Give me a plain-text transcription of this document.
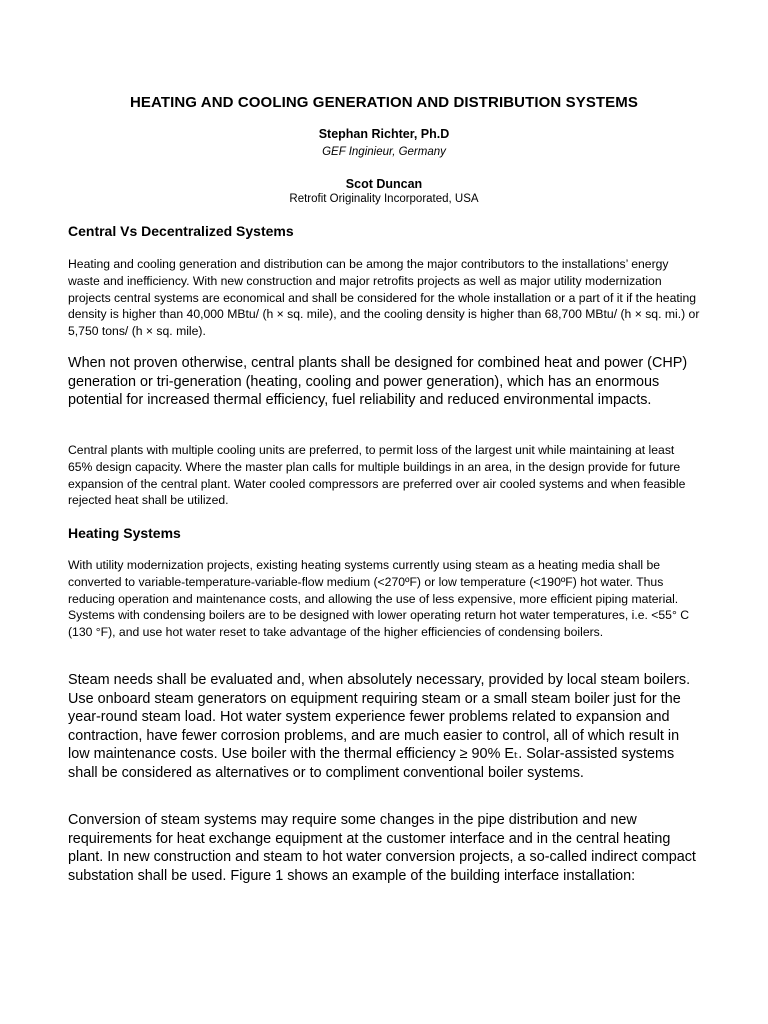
HEATING AND COOLING GENERATION AND DISTRIBUTION SYSTEMS

Stephan Richter, Ph.D

GEF Inginieur, Germany

Scot Duncan

Retrofit Originality Incorporated, USA

Central Vs Decentralized Systems

Heating and cooling generation and distribution can be among the major contributors to the installations’ energy waste and inefficiency. With new construction and major retrofits projects as well as major utility modernization projects central systems are economical and shall be considered for the whole installation or a part of it if the heating density is higher than 40,000 MBtu/ (h × sq. mile), and the cooling density is higher than 68,700 MBtu/ (h × sq. mi.) or 5,750 tons/ (h × sq. mile).

When not proven otherwise, central plants shall be designed for combined heat and power (CHP) generation or tri-generation (heating, cooling and power generation), which has an enormous potential for increased thermal efficiency, fuel reliability and reduced environmental impacts.

Central plants with multiple cooling units are preferred, to permit loss of the largest unit while maintaining at least 65% design capacity. Where the master plan calls for multiple buildings in an area, in the design provide for future expansion of the central plant. Water cooled compressors are preferred over air cooled systems and when feasible rejected heat shall be utilized.

Heating Systems

With utility modernization projects, existing heating systems currently using steam as a heating media shall be converted to variable-temperature-variable-flow medium (<270ºF) or low temperature (<190ºF) hot water. Thus reducing operation and maintenance costs, and allowing the use of less expensive, more efficient piping material. Systems with condensing boilers are to be designed with lower operating return hot water temperatures, i.e. <55° C (130 °F), and use hot water reset to take advantage of the higher efficiencies of condensing boilers.

Steam needs shall be evaluated and, when absolutely necessary, provided by local steam boilers. Use onboard steam generators on equipment requiring steam or a small steam boiler just for the year-round steam load. Hot water system experience fewer problems related to expansion and contraction, have fewer corrosion problems, and are much easier to control, all of which result in low maintenance costs. Use boiler with the thermal efficiency ≥ 90% Eₜ. Solar-assisted systems shall be considered as alternatives or to compliment conventional boiler systems.

Conversion of steam systems may require some changes in the pipe distribution and new requirements for heat exchange equipment at the customer interface and in the central heating plant. In new construction and steam to hot water conversion projects, a so-called indirect compact substation shall be used. Figure 1 shows an example of the building interface installation:
